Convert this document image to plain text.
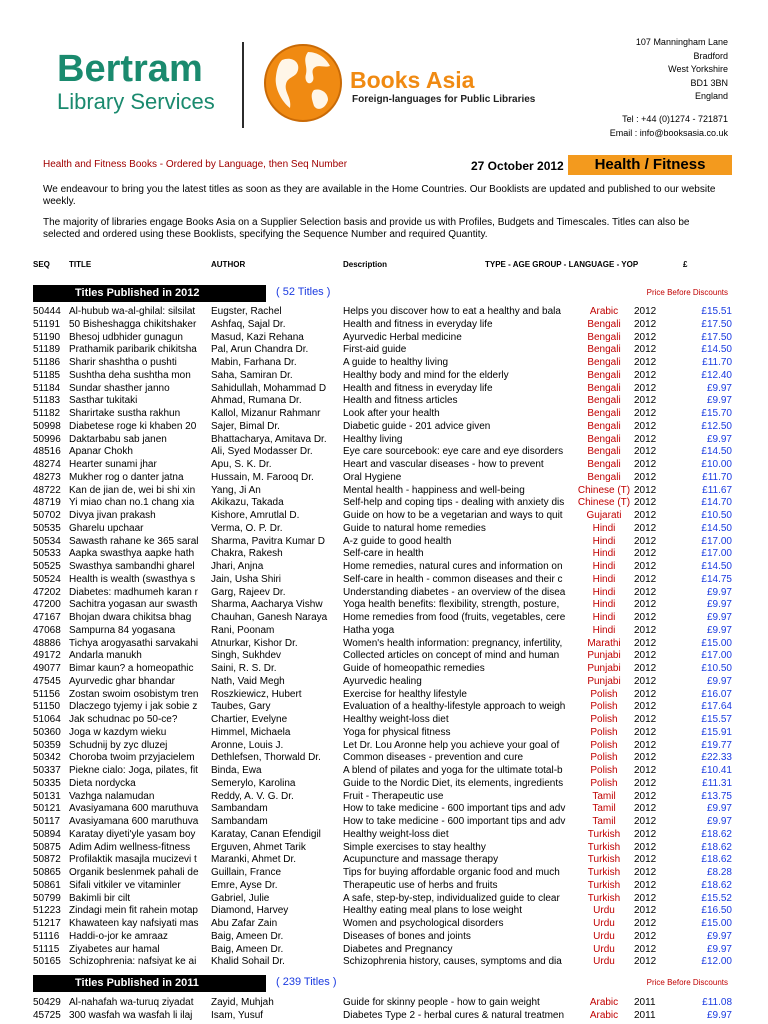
Bertram
Library Services
Books Asia
Foreign-languages for Public Libraries
107 Manningham Lane
Bradford
West Yorkshire
BD1 3BN
England
Tel : +44 (0)1274 - 721871
Email : info@booksasia.co.uk
Health and Fitness Books - Ordered by Language, then Seq Number	27 October 2012	Health / Fitness

We endeavour to bring you the latest titles as soon as they are available in the Home Countries. Our Booklists are updated and published to our website weekly.

The majority of libraries engage Books Asia on a Supplier Selection basis and provide us with Profiles, Budgets and Timescales. Titles can also be selected and ordered using these Booklists, specifying the Sequence Number and required Quantity.

SEQ TITLE	AUTHOR	Description	TYPE - AGE GROUP - LANGUAGE - YOP	£
Titles Published in 2012	( 52 Titles )	Price Before Discounts
50444 Al-hubub wa-al-ghilal: silsilat	Eugster, Rachel	Helps you discover how to eat a healthy and bala	Arabic	2012	£15.51
51191 50 Bisheshagga chikitshaker	Ashfaq, Sajal Dr.	Health and fitness in everyday life	Bengali	2012	£17.50
51190 Bhesoj udbhider gunagun	Masud, Kazi Rehana	Ayurvedic Herbal medicine	Bengali	2012	£17.50
51189 Prathamik paribarik chikitsha	Pal, Arun Chandra Dr.	First-aid guide	Bengali	2012	£14.50
51186 Sharir shashtha o pushti	Mabin, Farhana Dr.	A guide to healthy living	Bengali	2012	£11.70
51185 Sushtha deha sushtha mon	Saha, Samiran Dr.	Healthy body and mind for the elderly	Bengali	2012	£12.40
51184 Sundar shasther janno	Sahidullah, Mohammad D	Health and fitness in everyday life	Bengali	2012	£9.97
51183 Sasthar tukitaki	Ahmad, Rumana Dr.	Health and fitness articles	Bengali	2012	£9.97
51182 Sharirtake sustha rakhun	Kallol, Mizanur Rahmanr	Look after your health	Bengali	2012	£15.70
50998 Diabetese roge ki khaben 20	Sajer, Bimal Dr.	Diabetic guide - 201 advice given	Bengali	2012	£12.50
50996 Daktarbabu sab janen	Bhattacharya, Amitava Dr.	Healthy living	Bengali	2012	£9.97
48516 Apanar Chokh	Ali, Syed Modasser Dr.	Eye care sourcebook: eye care and eye disorders	Bengali	2012	£14.50
48274 Hearter sunami jhar	Apu, S. K. Dr.	Heart and vascular diseases - how to prevent	Bengali	2012	£10.00
48273 Mukher rog o danter jatna	Hussain, M. Farooq Dr.	Oral Hygiene	Bengali	2012	£11.70
48722 Kan de jian de, wei bi shi xin	Yang, Ji An	Mental health - happiness and well-being	Chinese (T) 2012	£11.67
48719 Yi miao chan no.1 chang xia	Akikazu, Takada	Self-help and coping tips - dealing with anxiety dis	Chinese (T) 2012	£14.70
50702 Divya jivan prakash	Kishore, Amrutlal D.	Guide on how to be a vegetarian and ways to quit	Gujarati	2012	£10.50
50535 Gharelu upchaar	Verma, O. P. Dr.	Guide to natural home remedies	Hindi	2012	£14.50
50534 Sawasth rahane ke 365 saral	Sharma, Pavitra Kumar D	A-z guide to good health	Hindi	2012	£17.00
50533 Aapka swasthya aapke hath	Chakra, Rakesh	Self-care in health	Hindi	2012	£17.00
50525 Swasthya sambandhi gharel	Jhari, Anjna	Home remedies, natural cures and information on	Hindi	2012	£14.50
50524 Health is wealth (swasthya s	Jain, Usha Shiri	Self-care in health - common diseases and their c	Hindi	2012	£14.75
47202 Diabetes: madhumeh karan r	Garg, Rajeev Dr.	Understanding diabetes - an overview of the disea	Hindi	2012	£9.97
47200 Sachitra yogasan aur swasth	Sharma, Aacharya Vishw	Yoga health benefits: flexibility, strength, posture,	Hindi	2012	£9.97
47167 Bhojan dwara chikitsa bhag	Chauhan, Ganesh Naraya	Home remedies from food (fruits, vegetables, cere	Hindi	2012	£9.97
47068 Sampurna 84 yogasana	Rani, Poonam	Hatha yoga	Hindi	2012	£9.97
48886 Tichya arogyasathi sarvakahi	Atnurkar, Kishor Dr.	Women's health information: pregnancy, infertility,	Marathi	2012	£15.00
49172 Andarla manukh	Singh, Sukhdev	Collected articles on concept of mind and human	Punjabi	2012	£17.00
49077 Bimar kaun? a homeopathic	Saini, R. S. Dr.	Guide of homeopathic remedies	Punjabi	2012	£10.50
47545 Ayurvedic ghar bhandar	Nath, Vaid Megh	Ayurvedic healing	Punjabi	2012	£9.97
51156 Zostan swoim osobistym tren	Roszkiewicz, Hubert	Exercise for healthy lifestyle	Polish	2012	£16.07
51150 Dlaczego tyjemy i jak sobie z	Taubes, Gary	Evaluation of a healthy-lifestyle approach to weigh	Polish	2012	£17.64
51064 Jak schudnac po 50-ce?	Chartier, Evelyne	Healthy weight-loss diet	Polish	2012	£15.57
50360 Joga w kazdym wieku	Himmel, Michaela	Yoga for physical fitness	Polish	2012	£15.91
50359 Schudnij by zyc dluzej	Aronne, Louis J.	Let Dr. Lou Aronne help you achieve your goal of	Polish	2012	£19.77
50342 Choroba twoim przyjacielem	Dethlefsen, Thorwald Dr.	Common diseases - prevention and cure	Polish	2012	£22.33
50337 Piekne cialo: Joga, pilates, fit	Binda, Ewa	A blend of pilates and yoga for the ultimate total-b	Polish	2012	£10.41
50335 Dieta nordycka	Semerylo, Karolina	Guide to the Nordic Diet, its elements, ingredients	Polish	2012	£11.31
50131 Vazhga nalamudan	Reddy, A. V. G. Dr.	Fruit - Therapeutic use	Tamil	2012	£13.75
50121 Avasiyamana 600 maruthuva	Sambandam	How to take medicine - 600 important tips and adv	Tamil	2012	£9.97
50117 Avasiyamana 600 maruthuva	Sambandam	How to take medicine - 600 important tips and adv	Tamil	2012	£9.97
50894 Karatay diyeti'yle yasam boy	Karatay, Canan Efendigil	Healthy weight-loss diet	Turkish	2012	£18.62
50875 Adim Adim wellness-fitness	Erguven, Ahmet Tarik	Simple exercises to stay healthy	Turkish	2012	£18.62
50872 Profilaktik masajla mucizevi t	Maranki, Ahmet Dr.	Acupuncture and massage therapy	Turkish	2012	£18.62
50865 Organik beslenmek pahali de	Guillain, France	Tips for buying affordable organic food and much	Turkish	2012	£8.28
50861 Sifali vitkiler ve vitaminler	Emre, Ayse Dr.	Therapeutic use of herbs and fruits	Turkish	2012	£18.62
50799 Bakimli bir cilt	Gabriel, Julie	A safe, step-by-step, individualized guide to clear	Turkish	2012	£15.52
51223 Zindagi mein fit rahein motap	Diamond, Harvey	Healthy eating meal plans to lose weight	Urdu	2012	£16.50
51217 Khawateen kay nafsiyati mas	Abu Zafar Zain	Women and psychological disorders	Urdu	2012	£15.00
51116 Haddi-o-jor ke amraaz	Baig, Ameen Dr.	Diseases of bones and joints	Urdu	2012	£9.97
51115 Ziyabetes aur hamal	Baig, Ameen Dr.	Diabetes and Pregnancy	Urdu	2012	£9.97
50165 Schizophrenia: nafsiyat ke ai	Khalid Sohail Dr.	Schizophrenia history, causes, symptoms and dia	Urdu	2012	£12.00
Titles Published in 2011	( 239 Titles )	Price Before Discounts
50429 Al-nahafah wa-turuq ziyadat	Zayid, Muhjah	Guide for skinny people - how to gain weight	Arabic	2011	£11.08
45725 300 wasfah wa wasfah li ilaj	Isam, Yusuf	Diabetes Type 2 - herbal cures & natural treatmen	Arabic	2011	£9.97
